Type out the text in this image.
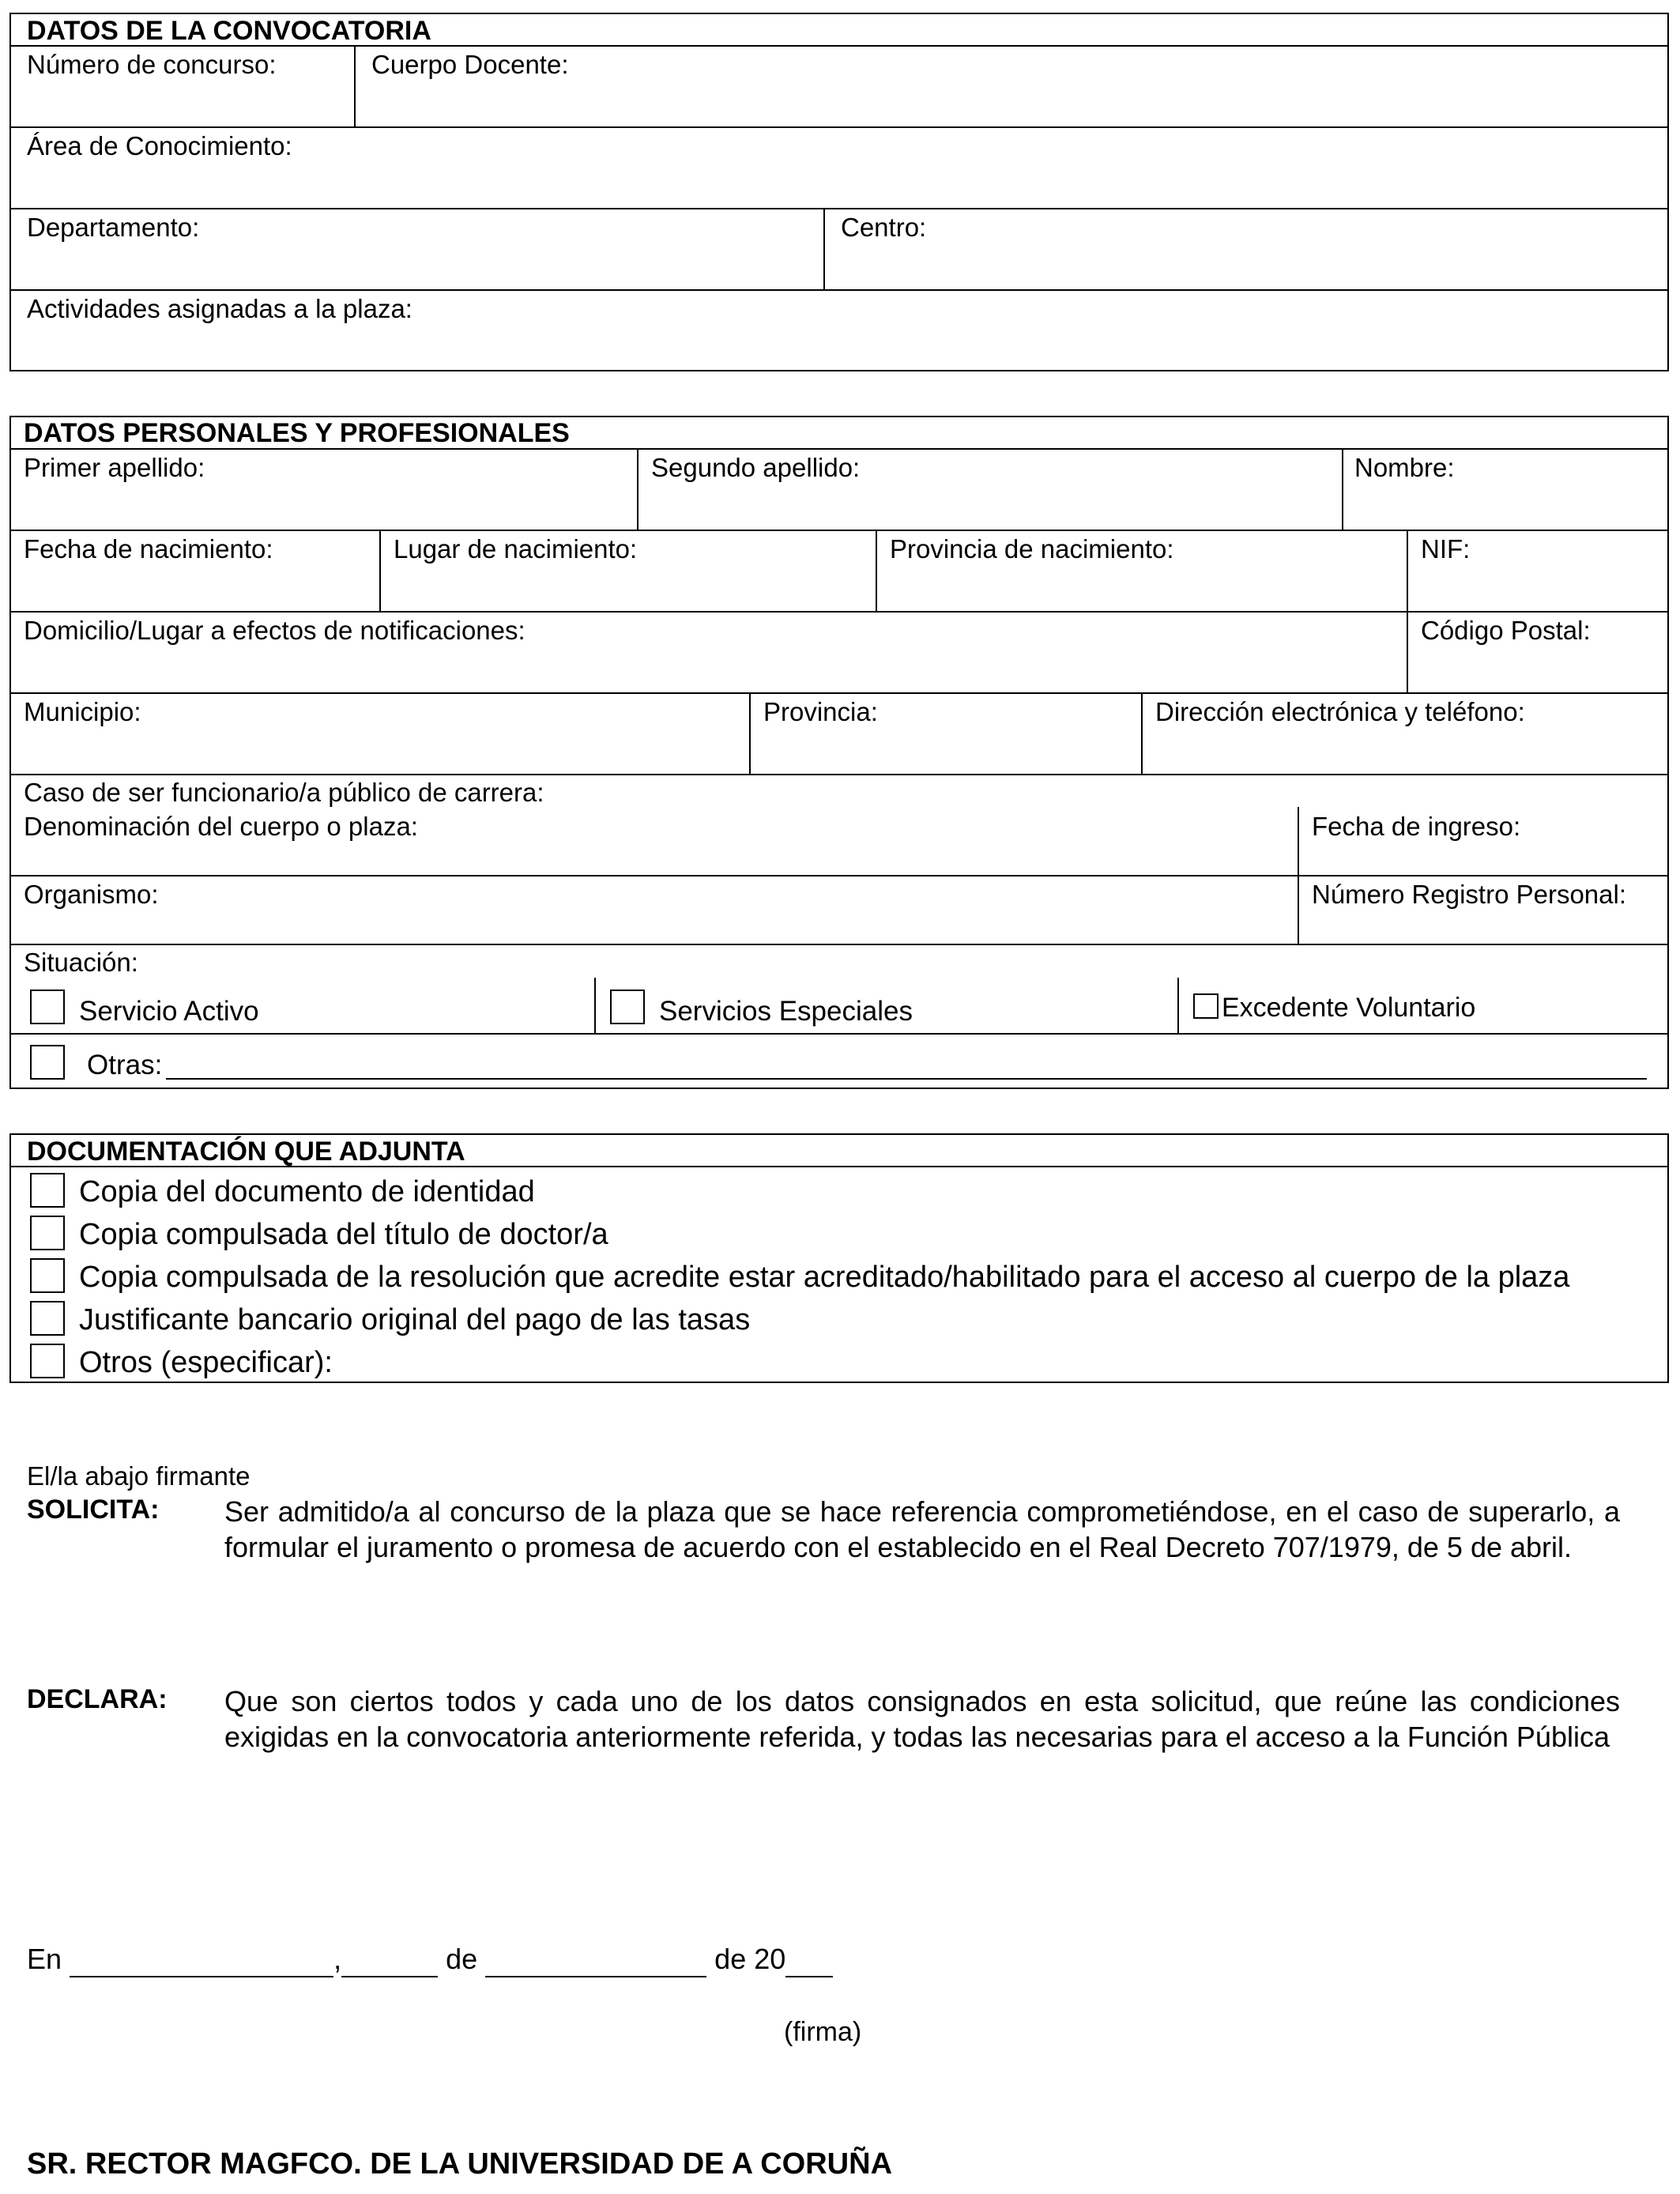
DATOS DE LA CONVOCATORIA
Número de concurso:	Cuerpo Docente:
Área de Conocimiento:
Departamento:	Centro:
Actividades asignadas a la plaza:
DATOS PERSONALES Y PROFESIONALES
Primer apellido:	Segundo apellido:	Nombre:
Fecha de nacimiento:	Lugar de nacimiento:	Provincia de nacimiento:	NIF:
Domicilio/Lugar a efectos de notificaciones:	Código Postal:
Municipio:	Provincia:	Dirección electrónica y teléfono:
Caso de ser funcionario/a público de carrera:
Denominación del cuerpo o plaza:	Fecha de ingreso:
Organismo:	Número Registro Personal:
Situación:
Servicio Activo	Servicios Especiales	Excedente Voluntario
Otras:
DOCUMENTACIÓN QUE ADJUNTA
Copia del documento de identidad
Copia compulsada del título de doctor/a
Copia compulsada de la resolución que acredite estar acreditado/habilitado para el acceso al cuerpo de la plaza
Justificante bancario original del pago de las tasas
Otros (especificar):
El/la abajo firmante
SOLICITA: Ser admitido/a al concurso de la plaza que se hace referencia comprometiéndose, en el caso de superarlo, a formular el juramento o promesa de acuerdo con el establecido en el Real Decreto 707/1979, de 5 de abril.
DECLARA: Que son ciertos todos y cada uno de los datos consignados en esta solicitud, que reúne las condiciones exigidas en la convocatoria anteriormente referida, y todas las necesarias para el acceso a la Función Pública
En	,	de	de 20
(firma)
SR. RECTOR MAGFCO. DE LA UNIVERSIDAD DE A CORUÑA
